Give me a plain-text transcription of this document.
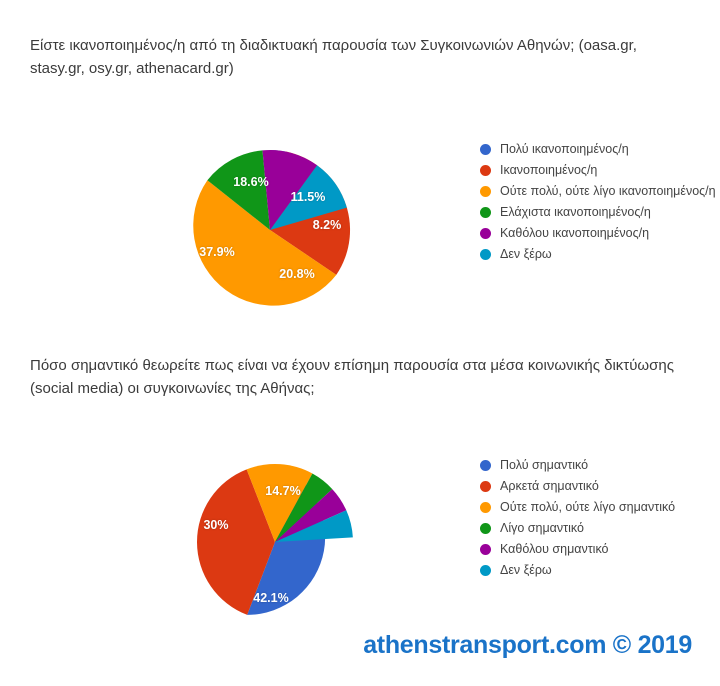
Είστε ικανοποιημένος/η από τη διαδικτυακή παρουσία των Συγκοινωνιών Αθηνών; (oasa.gr, stasy.gr, osy.gr, athenacard.gr)
20.8%
37.9%
18.6%
11.5%
8.2%
Πολύ ικανοποιημένος/η
Ικανοποιημένος/η
Ούτε πολύ, ούτε λίγο ικανοποιημένος/η
Ελάχιστα ικανοποιημένος/η
Καθόλου ικανοποιημένος/η
Δεν ξέρω
Πόσο σημαντικό θεωρείτε πως είναι να έχουν επίσημη παρουσία στα μέσα κοινωνικής δικτύωσης (social media) οι συγκοινωνίες της Αθήνας;
42.1%
30%
14.7%
Πολύ σημαντικό
Αρκετά σημαντικό
Ούτε πολύ, ούτε λίγο σημαντικό
Λίγο σημαντικό
Καθόλου σημαντικό
Δεν ξέρω
athenstransport.com © 2019
